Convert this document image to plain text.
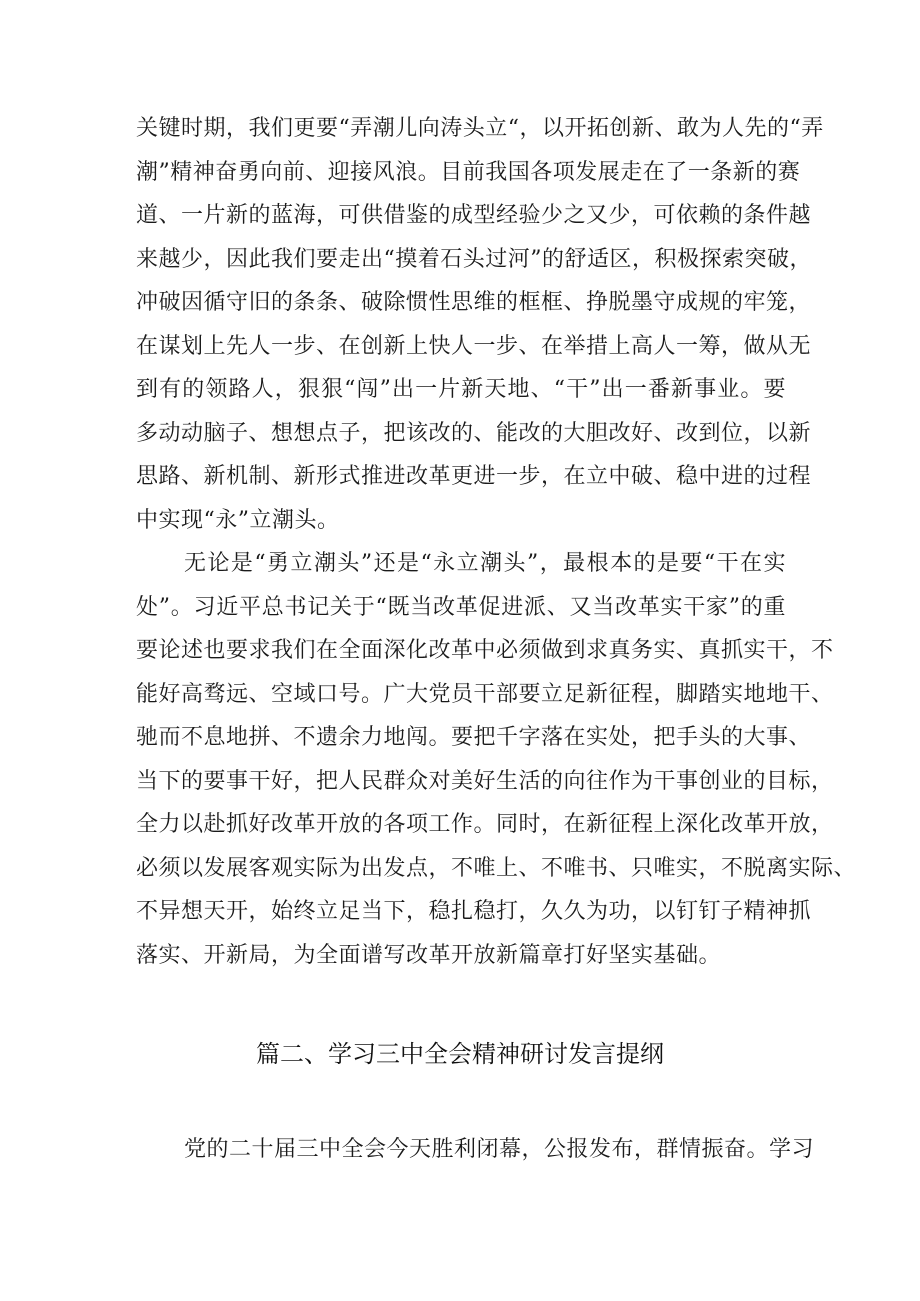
关键时期，我们更要“弄潮儿向涛头立“，以开拓创新、敢为人先的“弄
潮”精神奋勇向前、迎接风浪。目前我国各项发展走在了一条新的赛
道、一片新的蓝海，可供借鉴的成型经验少之又少，可依赖的条件越
来越少，因此我们要走出“摸着石头过河”的舒适区，积极探索突破，
冲破因循守旧的条条、破除惯性思维的框框、挣脱墨守成规的牢笼，
在谋划上先人一步、在创新上快人一步、在举措上高人一筹，做从无
到有的领路人，狠狠“闯”出一片新天地、“干”出一番新事业。要
多动动脑子、想想点子，把该改的、能改的大胆改好、改到位，以新
思路、新机制、新形式推进改革更进一步，在立中破、稳中进的过程
中实现“永”立潮头。
无论是“勇立潮头”还是“永立潮头”，最根本的是要“干在实
处”。习近平总书记关于“既当改革促进派、又当改革实干家”的重
要论述也要求我们在全面深化改革中必须做到求真务实、真抓实干，不
能好高骛远、空域口号。广大党员干部要立足新征程，脚踏实地地干、
驰而不息地拼、不遗余力地闯。要把千字落在实处，把手头的大事、
当下的要事干好，把人民群众对美好生活的向往作为干事创业的目标，
全力以赴抓好改革开放的各项工作。同时，在新征程上深化改革开放，
必须以发展客观实际为出发点，不唯上、不唯书、只唯实，不脱离实际、
不异想天开，始终立足当下，稳扎稳打，久久为功，以钉钉子精神抓
落实、开新局，为全面谱写改革开放新篇章打好坚实基础。
篇二、学习三中全会精神研讨发言提纲
党的二十届三中全会今天胜利闭幕，公报发布，群情振奋。学习
